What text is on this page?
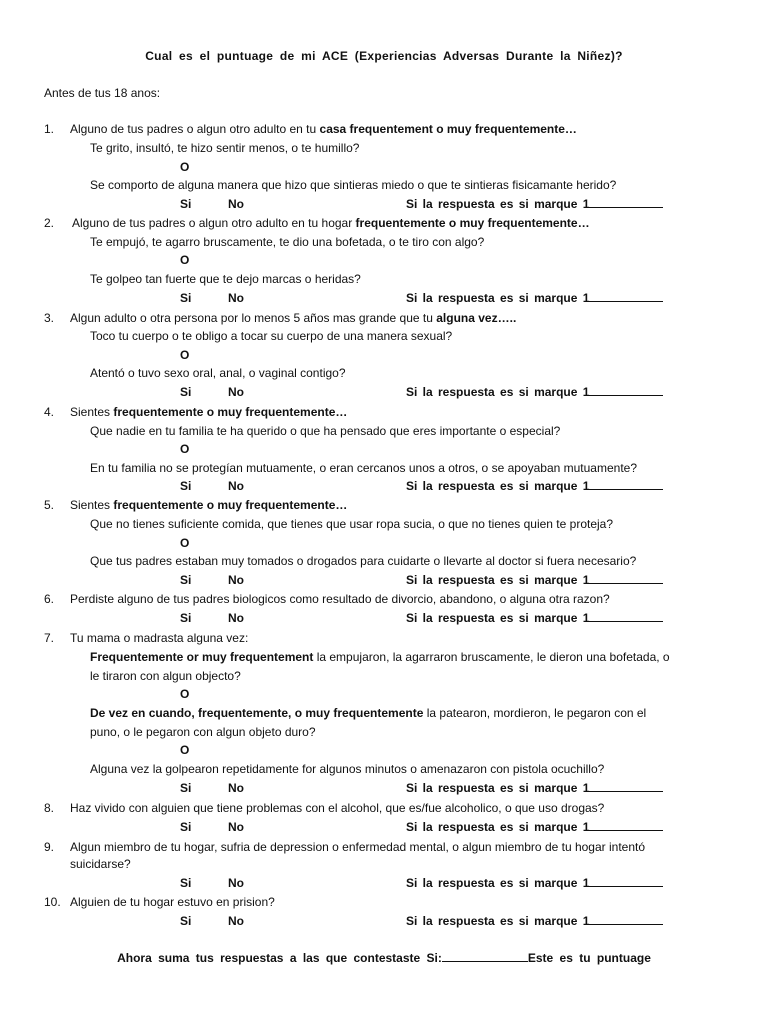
Cual es el puntuage de mi ACE (Experiencias Adversas Durante la Niñez)?
Antes de tus 18 anos:
1. Alguno de tus padres o algun otro adulto en tu casa frequentement o muy frequentemente…
Te grito, insultó, te hizo sentir menos, o te humillo?
O
Se comporto de alguna manera que hizo que sintieras miedo o que te sintieras fisicamante herido?
Si	No	Si la respuesta es si marque 1
2. Alguno de tus padres o algun otro adulto en tu hogar frequentemente o muy frequentemente…
Te empujó, te agarro bruscamente, te dio una bofetada, o te tiro con algo?
O
Te golpeo tan fuerte que te dejo marcas o heridas?
Si	No	Si la respuesta es si marque 1
3. Algun adulto o otra persona por lo menos 5 años mas grande que tu alguna vez…..
Toco tu cuerpo o te obligo a tocar su cuerpo de una manera sexual?
O
Atentó o tuvo sexo oral, anal, o vaginal contigo?
Si	No	Si la respuesta es si marque 1
4. Sientes frequentemente o muy frequentemente…
Que nadie en tu familia te ha querido o que ha pensado que eres importante o especial?
O
En tu familia no se protegían mutuamente, o eran cercanos unos a otros, o se apoyaban mutuamente?
Si	No	Si la respuesta es si marque 1
5. Sientes frequentemente o muy frequentemente…
Que no tienes suficiente comida, que tienes que usar ropa sucia, o que no tienes quien te proteja?
O
Que tus padres estaban muy tomados o drogados para cuidarte o llevarte al doctor si fuera necesario?
Si	No	Si la respuesta es si marque 1
6. Perdiste alguno de tus padres biologicos como resultado de divorcio, abandono, o alguna otra razon?
Si	No	Si la respuesta es si marque 1
7. Tu mama o madrasta alguna vez:
Frequentemente or muy frequentement la empujaron, la agarraron bruscamente, le dieron una bofetada, o
le tiraron con algun objecto?
O
De vez en cuando, frequentemente, o muy frequentemente la patearon, mordieron, le pegaron con el
puno, o le pegaron con algun objeto duro?
O
Alguna vez la golpearon repetidamente for algunos minutos o amenazaron con pistola ocuchillo?
Si	No	Si la respuesta es si marque 1
8. Haz vivido con alguien que tiene problemas con el alcohol, que es/fue alcoholico, o que uso drogas?
Si	No	Si la respuesta es si marque 1
9. Algun miembro de tu hogar, sufria de depression o enfermedad mental, o algun miembro de tu hogar intentó
suicidarse?
Si	No	Si la respuesta es si marque 1
10. Alguien de tu hogar estuvo en prision?
Si	No	Si la respuesta es si marque 1
Ahora suma tus respuestas a las que contestaste Si:	Este es tu puntuage
